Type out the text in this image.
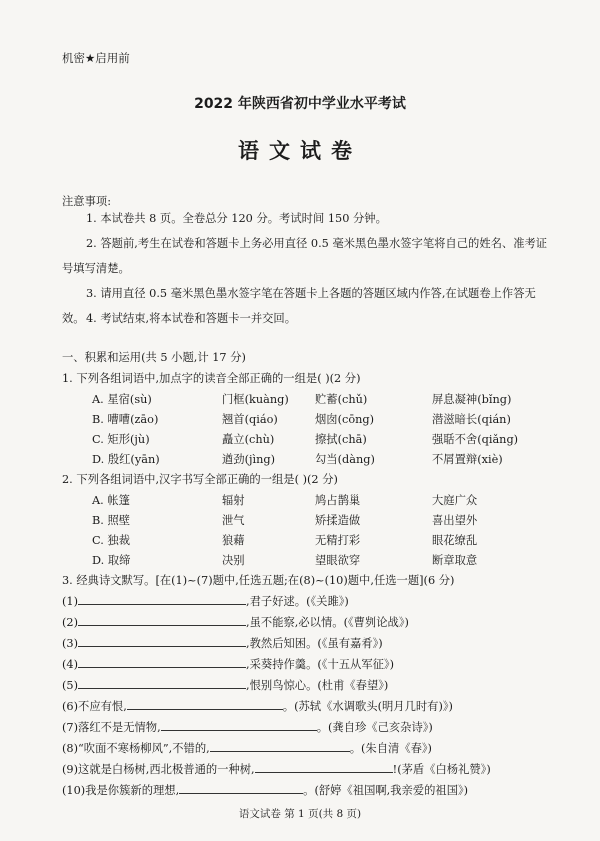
机密★启用前
2022 年陕西省初中学业水平考试
语文试卷
注意事项:
1. 本试卷共 8 页。全卷总分 120 分。考试时间 150 分钟。
2. 答题前,考生在试卷和答题卡上务必用直径 0.5 毫米黑色墨水签字笔将自己的姓名、准考证号填写清楚。
3. 请用直径 0.5 毫米黑色墨水签字笔在答题卡上各题的答题区域内作答,在试题卷上作答无效。 4. 考试结束,将本试卷和答题卡一并交回。
一、积累和运用(共 5 小题,计 17 分)
1. 下列各组词语中,加点字的读音全部正确的一组是( )(2 分)
A. 星宿(sù)	门框(kuàng) 贮蓄(chǔ)	屏息凝神(bǐng)
B. 嘈嘈(zāo)	翘首(qiáo)	烟囱(cōng)	潜滋暗长(qián)
C. 矩形(jù)	矗立(chù)	擦拭(chā)	强聒不舍(qiǎng)
D. 殷红(yān)	遒劲(jìng)	勾当(dàng)	不屑置辩(xiè)
2. 下列各组词语中,汉字书写全部正确的一组是( )(2 分)
A. 帐篷	辐射	鸠占鹊巢	大庭广众
B. 照壁	泄气	矫揉造做	喜出望外
C. 独裁	狼藉	无精打彩	眼花缭乱
D. 取缔	决别	望眼欲穿	断章取意
3. 经典诗文默写。[在(1)~(7)题中,任选五题;在(8)~(10)题中,任选一题](6 分)
(1)	,君子好逑。(《关雎》)
(2)	,虽不能察,必以情。(《曹刿论战》)
(3)	,教然后知困。(《虽有嘉肴》)
(4)	,采葵持作羹。(《十五从军征》)
(5)	,恨别鸟惊心。(杜甫《春望》)
(6)不应有恨,	。(苏轼《水调歌头(明月几时有)》)
(7)落红不是无情物,	。(龚自珍《己亥杂诗》)
(8)“吹面不寒杨柳风”,不错的,	。(朱自清《春》)
(9)这就是白杨树,西北极普通的一种树,	!(茅盾《白杨礼赞》)
(10)我是你簇新的理想,	。(舒婷《祖国啊,我亲爱的祖国》)
语文试卷 第 1 页(共 8 页)
